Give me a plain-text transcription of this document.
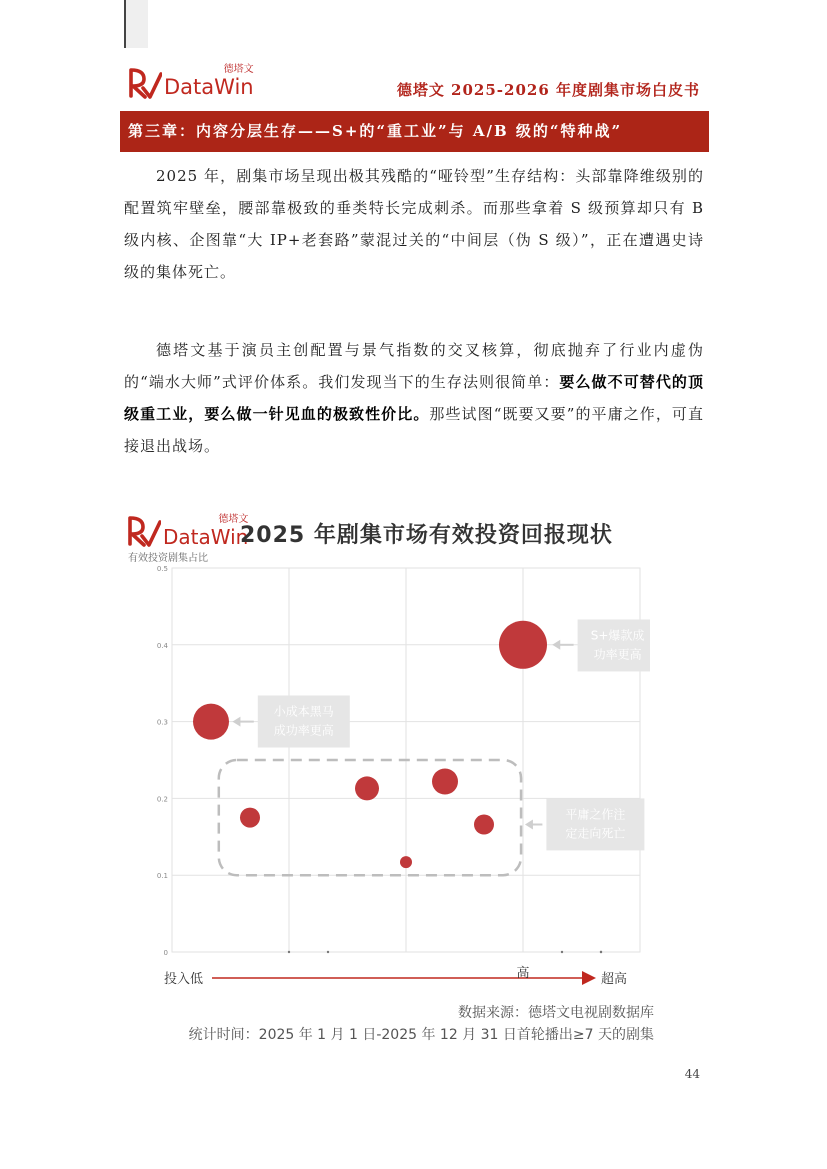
DataWin
德塔文
德塔文 2025-2026 年度剧集市场白皮书
第三章：内容分层生存——S+的“重工业”与 A/B 级的“特种战”

2025 年，剧集市场呈现出极其残酷的“哑铃型”生存结构：头部靠降维级别的配置筑牢壁垒，腰部靠极致的垂类特长完成刺杀。而那些拿着 S 级预算却只有 B 级内核、企图靠“大 IP+老套路”蒙混过关的“中间层（伪 S 级）”，正在遭遇史诗级的集体死亡。

德塔文基于演员主创配置与景气指数的交叉核算，彻底抛弃了行业内虚伪的“端水大师”式评价体系。我们发现当下的生存法则很简单：要么做不可替代的顶级重工业，要么做一针见血的极致性价比。那些试图“既要又要”的平庸之作，可直接退出战场。

DataWin
德塔文
2025 年剧集市场有效投资回报现状
有效投资剧集占比
0
0.1
0.2
0.3
0.4
0.5
S+爆款成
功率更高
小成本黑马
成功率更高
平庸之作注
定走向死亡
投入低	高	超高
数据来源：德塔文电视剧数据库
统计时间：2025 年 1 月 1 日-2025 年 12 月 31 日首轮播出≥7 天的剧集
44
